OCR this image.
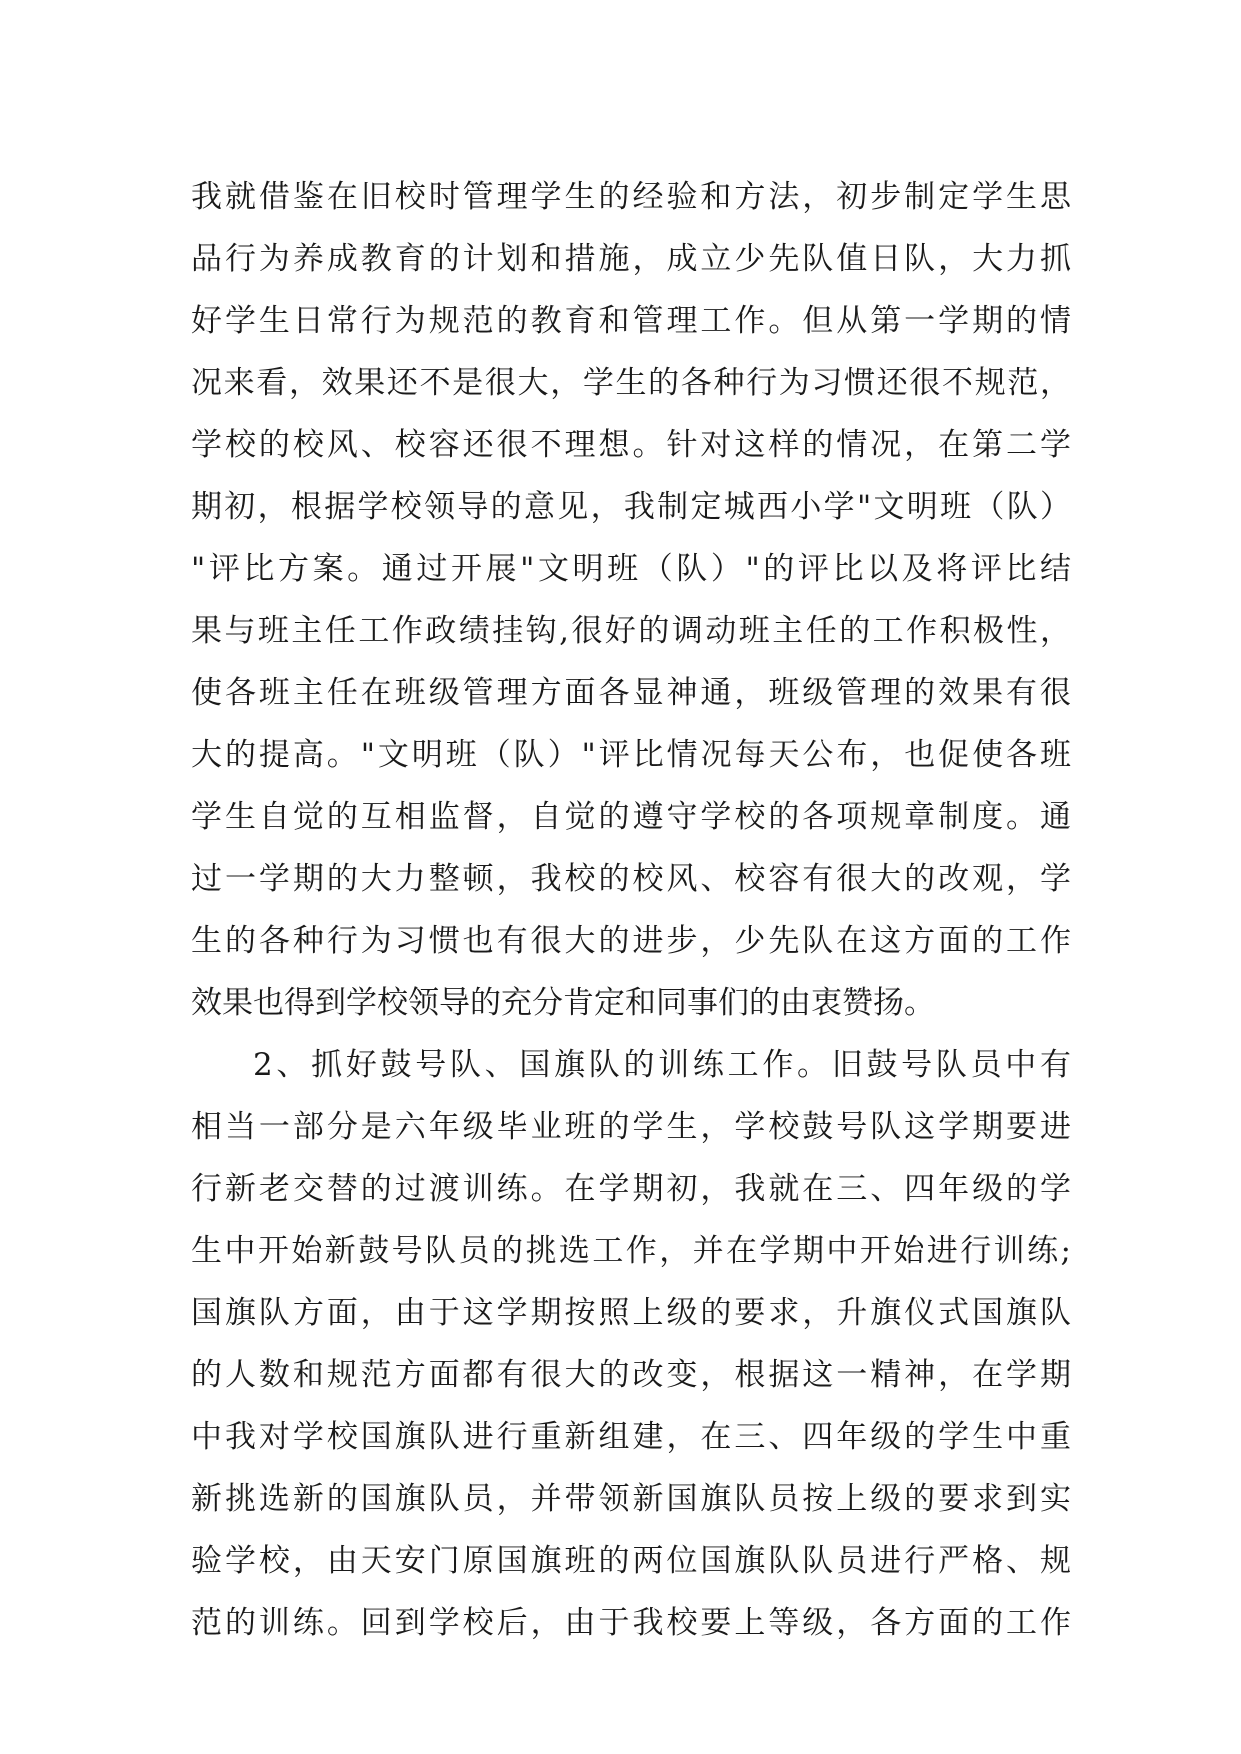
我就借鉴在旧校时管理学生的经验和方法，初步制定学生思
品行为养成教育的计划和措施，成立少先队值日队，大力抓
好学生日常行为规范的教育和管理工作。但从第一学期的情
况来看，效果还不是很大，学生的各种行为习惯还很不规范，
学校的校风、校容还很不理想。针对这样的情况，在第二学
期初，根据学校领导的意见，我制定城西小学"文明班（队）
"评比方案。通过开展"文明班（队）"的评比以及将评比结
果与班主任工作政绩挂钩,很好的调动班主任的工作积极性，
使各班主任在班级管理方面各显神通，班级管理的效果有很
大的提高。"文明班（队）"评比情况每天公布，也促使各班
学生自觉的互相监督，自觉的遵守学校的各项规章制度。通
过一学期的大力整顿，我校的校风、校容有很大的改观，学
生的各种行为习惯也有很大的进步，少先队在这方面的工作
效果也得到学校领导的充分肯定和同事们的由衷赞扬。
2、抓好鼓号队、国旗队的训练工作。旧鼓号队员中有
相当一部分是六年级毕业班的学生，学校鼓号队这学期要进
行新老交替的过渡训练。在学期初，我就在三、四年级的学
生中开始新鼓号队员的挑选工作，并在学期中开始进行训练;
国旗队方面，由于这学期按照上级的要求，升旗仪式国旗队
的人数和规范方面都有很大的改变，根据这一精神，在学期
中我对学校国旗队进行重新组建，在三、四年级的学生中重
新挑选新的国旗队员，并带领新国旗队员按上级的要求到实
验学校，由天安门原国旗班的两位国旗队队员进行严格、规
范的训练。回到学校后，由于我校要上等级，各方面的工作
